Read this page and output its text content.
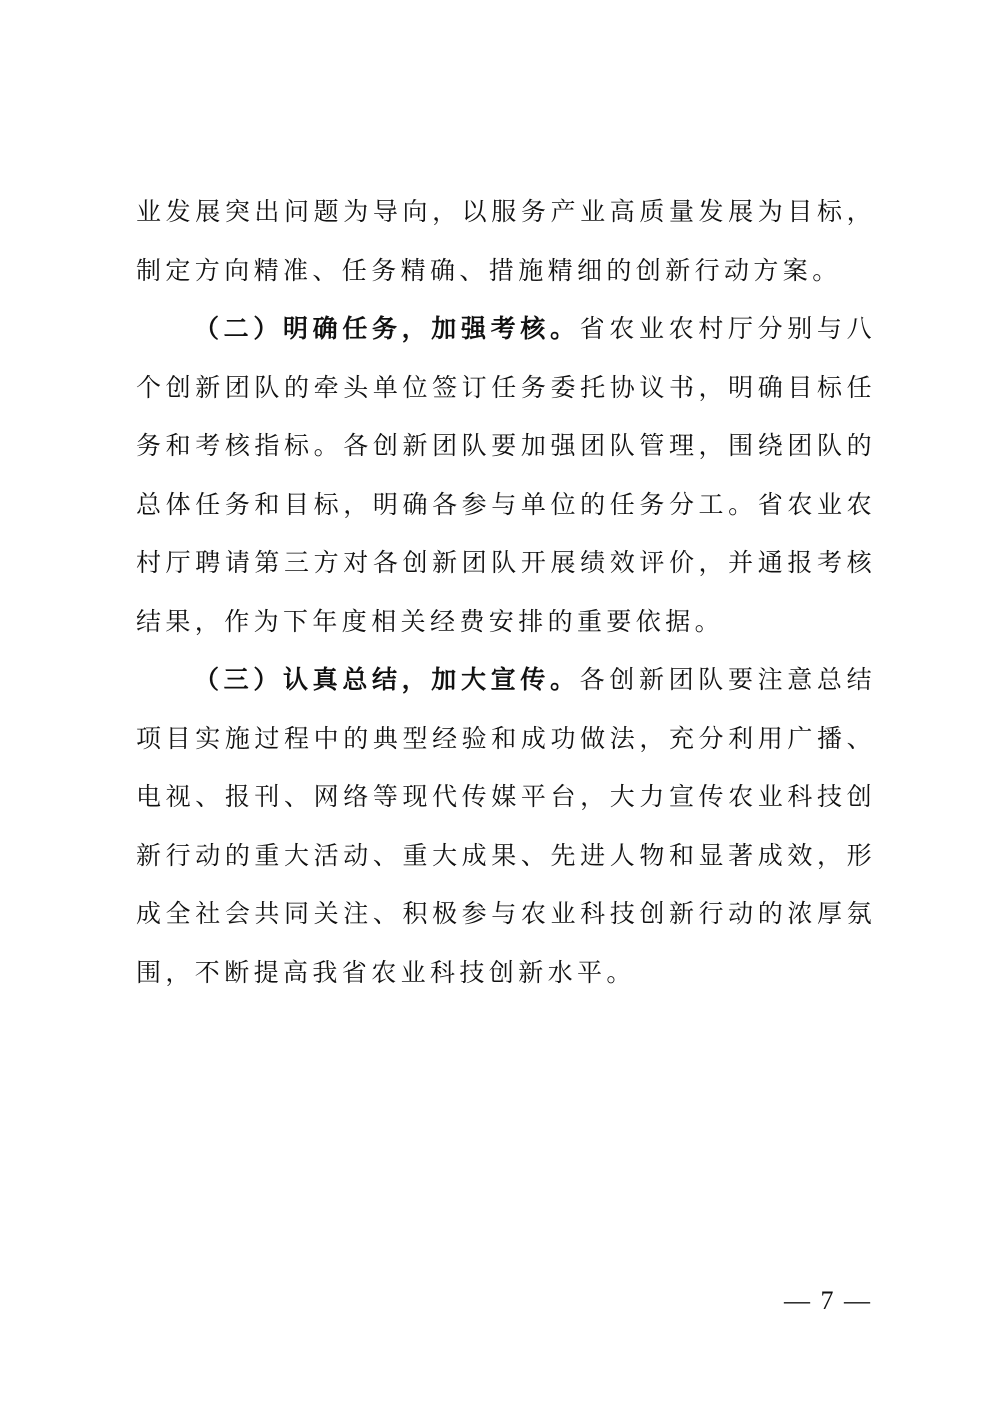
业发展突出问题为导向，以服务产业高质量发展为目标，制定方向精准、任务精确、措施精细的创新行动方案。

（二）明确任务，加强考核。省农业农村厅分别与八个创新团队的牵头单位签订任务委托协议书，明确目标任务和考核指标。各创新团队要加强团队管理，围绕团队的总体任务和目标，明确各参与单位的任务分工。省农业农村厅聘请第三方对各创新团队开展绩效评价，并通报考核结果，作为下年度相关经费安排的重要依据。

（三）认真总结，加大宣传。各创新团队要注意总结项目实施过程中的典型经验和成功做法，充分利用广播、电视、报刊、网络等现代传媒平台，大力宣传农业科技创新行动的重大活动、重大成果、先进人物和显著成效，形成全社会共同关注、积极参与农业科技创新行动的浓厚氛围，不断提高我省农业科技创新水平。

— 7 —
